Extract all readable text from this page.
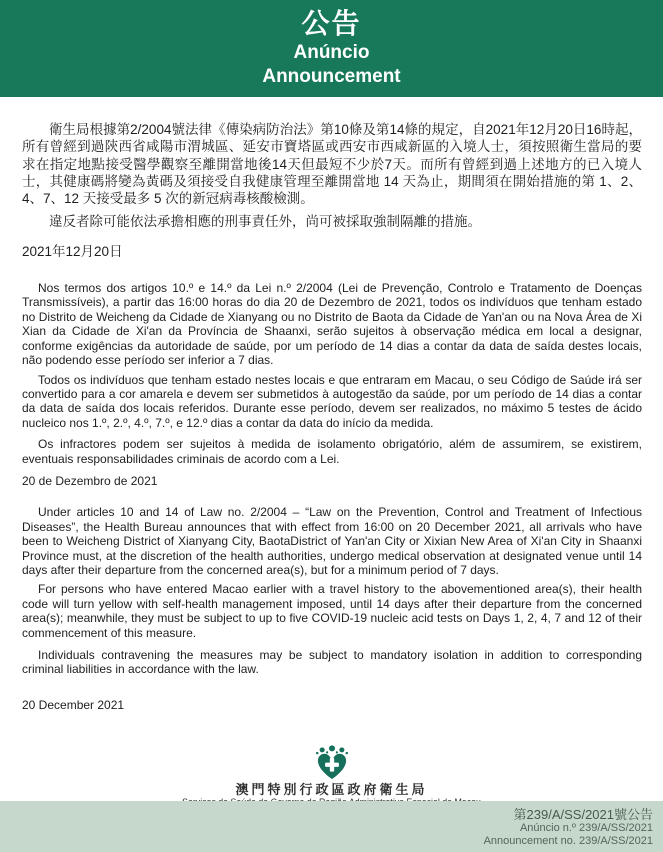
公告
Anúncio
Announcement

衛生局根據第2/2004號法律《傳染病防治法》第10條及第14條的規定，自2021年12月20日16時起，所有曾經到過陝西省咸陽市渭城區、延安市寶塔區或西安市西咸新區的入境人士，須按照衛生當局的要求在指定地點接受醫學觀察至離開當地後14天但最短不少於7天。而所有曾經到過上述地方的已入境人士，其健康碼將變為黃碼及須接受自我健康管理至離開當地 14 天為止，期間須在開始措施的第 1、2、4、7、12 天接受最多 5 次的新冠病毒核酸檢測。

違反者除可能依法承擔相應的刑事責任外，尚可被採取強制隔離的措施。

2021年12月20日

Nos termos dos artigos 10.º e 14.º da Lei n.º 2/2004 (Lei de Prevenção, Controlo e Tratamento de Doenças Transmissíveis), a partir das 16:00 horas do dia 20 de Dezembro de 2021, todos os indivíduos que tenham estado no Distrito de Weicheng da Cidade de Xianyang ou no Distrito de Baota da Cidade de Yan'an ou na Nova Área de Xi Xian da Cidade de Xi'an da Província de Shaanxi, serão sujeitos à observação médica em local a designar, conforme exigências da autoridade de saúde, por um período de 14 dias a contar da data de saída destes locais, não podendo esse período ser inferior a 7 dias.

Todos os indivíduos que tenham estado nestes locais e que entraram em Macau, o seu Código de Saúde irá ser convertido para a cor amarela e devem ser submetidos à autogestão da saúde, por um período de 14 dias a contar da data de saída dos locais referidos. Durante esse período, devem ser realizados, no máximo 5 testes de ácido nucleico nos 1.º, 2.º, 4.º, 7.º, e 12.º dias a contar da data do início da medida.

Os infractores podem ser sujeitos à medida de isolamento obrigatório, além de assumirem, se existirem, eventuais responsabilidades criminais de acordo com a Lei.

20 de Dezembro de 2021

Under articles 10 and 14 of Law no. 2/2004 – “Law on the Prevention, Control and Treatment of Infectious Diseases”, the Health Bureau announces that with effect from 16:00 on 20 December 2021, all arrivals who have been to Weicheng District of Xianyang City, BaotaDistrict of Yan'an City or Xixian New Area of Xi'an City in Shaanxi Province must, at the discretion of the health authorities, undergo medical observation at designated venue until 14 days after their departure from the concerned area(s), but for a minimum period of 7 days.

For persons who have entered Macao earlier with a travel history to the abovementioned area(s), their health code will turn yellow with self-health management imposed, until 14 days after their departure from the concerned area(s); meanwhile, they must be subject to up to five COVID-19 nucleic acid tests on Days 1, 2, 4, 7 and 12 of their commencement of this measure.

Individuals contravening the measures may be subject to mandatory isolation in addition to corresponding criminal liabilities in accordance with the law.

20 December 2021

澳門特別行政區政府衛生局
第239/A/SS/2021號公告
Anúncio n.º 239/A/SS/2021
Announcement no. 239/A/SS/2021
